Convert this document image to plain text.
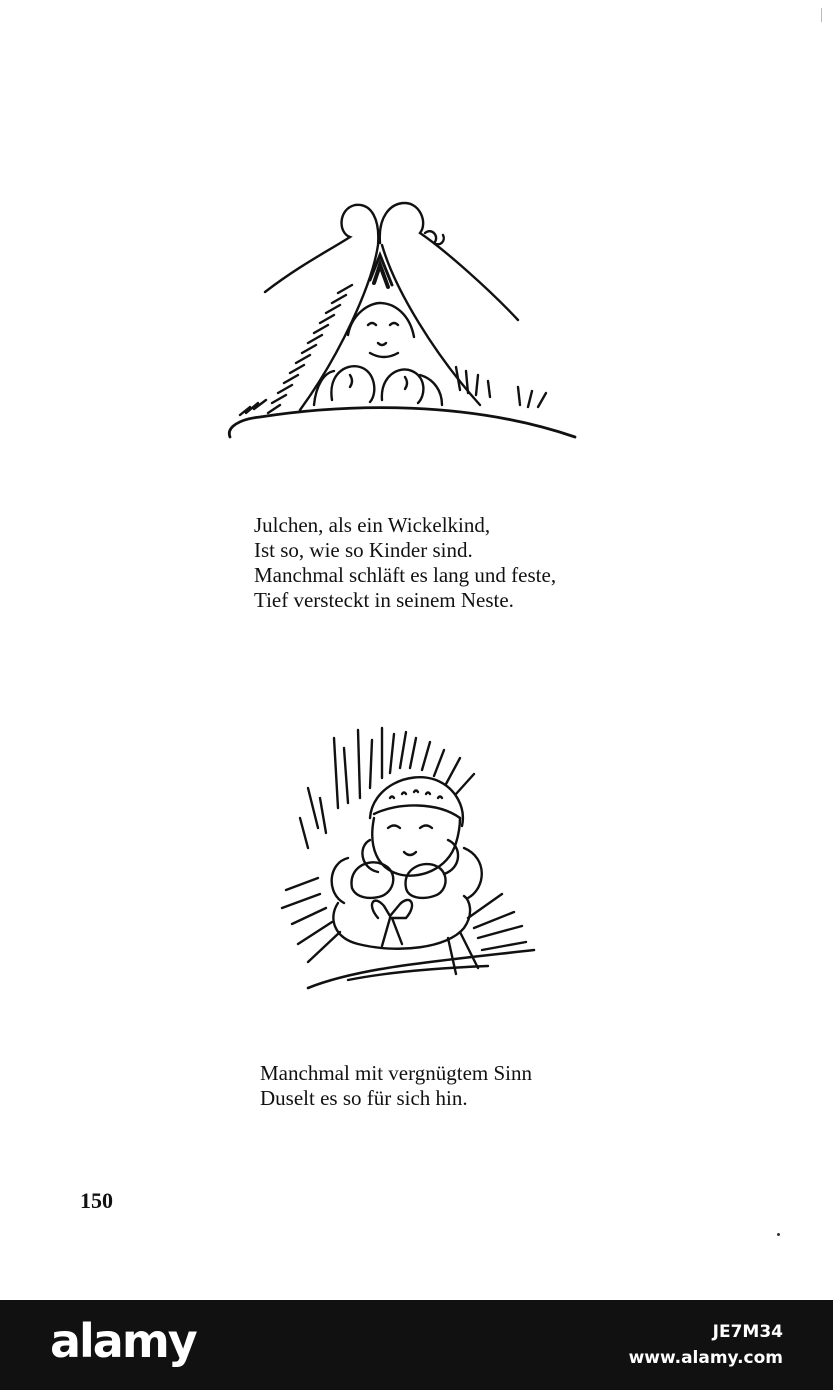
Julchen, als ein Wickelkind,
Ist so, wie so Kinder sind.
Manchmal schläft es lang und feste,
Tief versteckt in seinem Neste.
Manchmal mit vergnügtem Sinn
Duselt es so für sich hin.
150
alamy	JE7M34
www.alamy.com
